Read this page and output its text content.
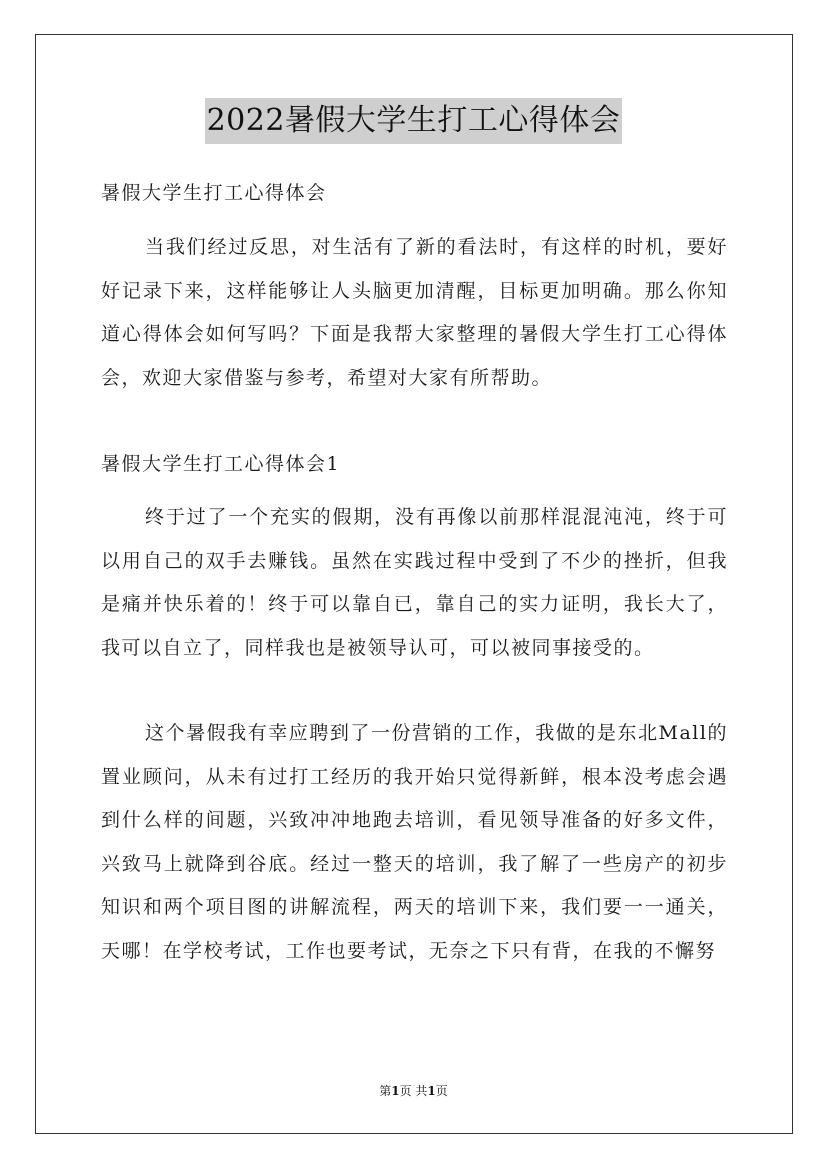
2022暑假大学生打工心得体会
暑假大学生打工心得体会
当我们经过反思，对生活有了新的看法时，有这样的时机，要好好记录下来，这样能够让人头脑更加清醒，目标更加明确。那么你知道心得体会如何写吗？下面是我帮大家整理的暑假大学生打工心得体会，欢迎大家借鉴与参考，希望对大家有所帮助。
暑假大学生打工心得体会1
终于过了一个充实的假期，没有再像以前那样混混沌沌，终于可以用自己的双手去赚钱。虽然在实践过程中受到了不少的挫折，但我是痛并快乐着的！终于可以靠自已，靠自己的实力证明，我长大了，我可以自立了，同样我也是被领导认可，可以被同事接受的。
这个暑假我有幸应聘到了一份营销的工作，我做的是东北Mall的置业顾问，从未有过打工经历的我开始只觉得新鲜，根本没考虑会遇到什么样的间题，兴致冲冲地跑去培训，看见领导准备的好多文件，兴致马上就降到谷底。经过一整天的培训，我了解了一些房产的初步知识和两个项目图的讲解流程，两天的培训下来，我们要一一通关，天哪！在学校考试，工作也要考试，无奈之下只有背，在我的不懈努
第1页 共1页
